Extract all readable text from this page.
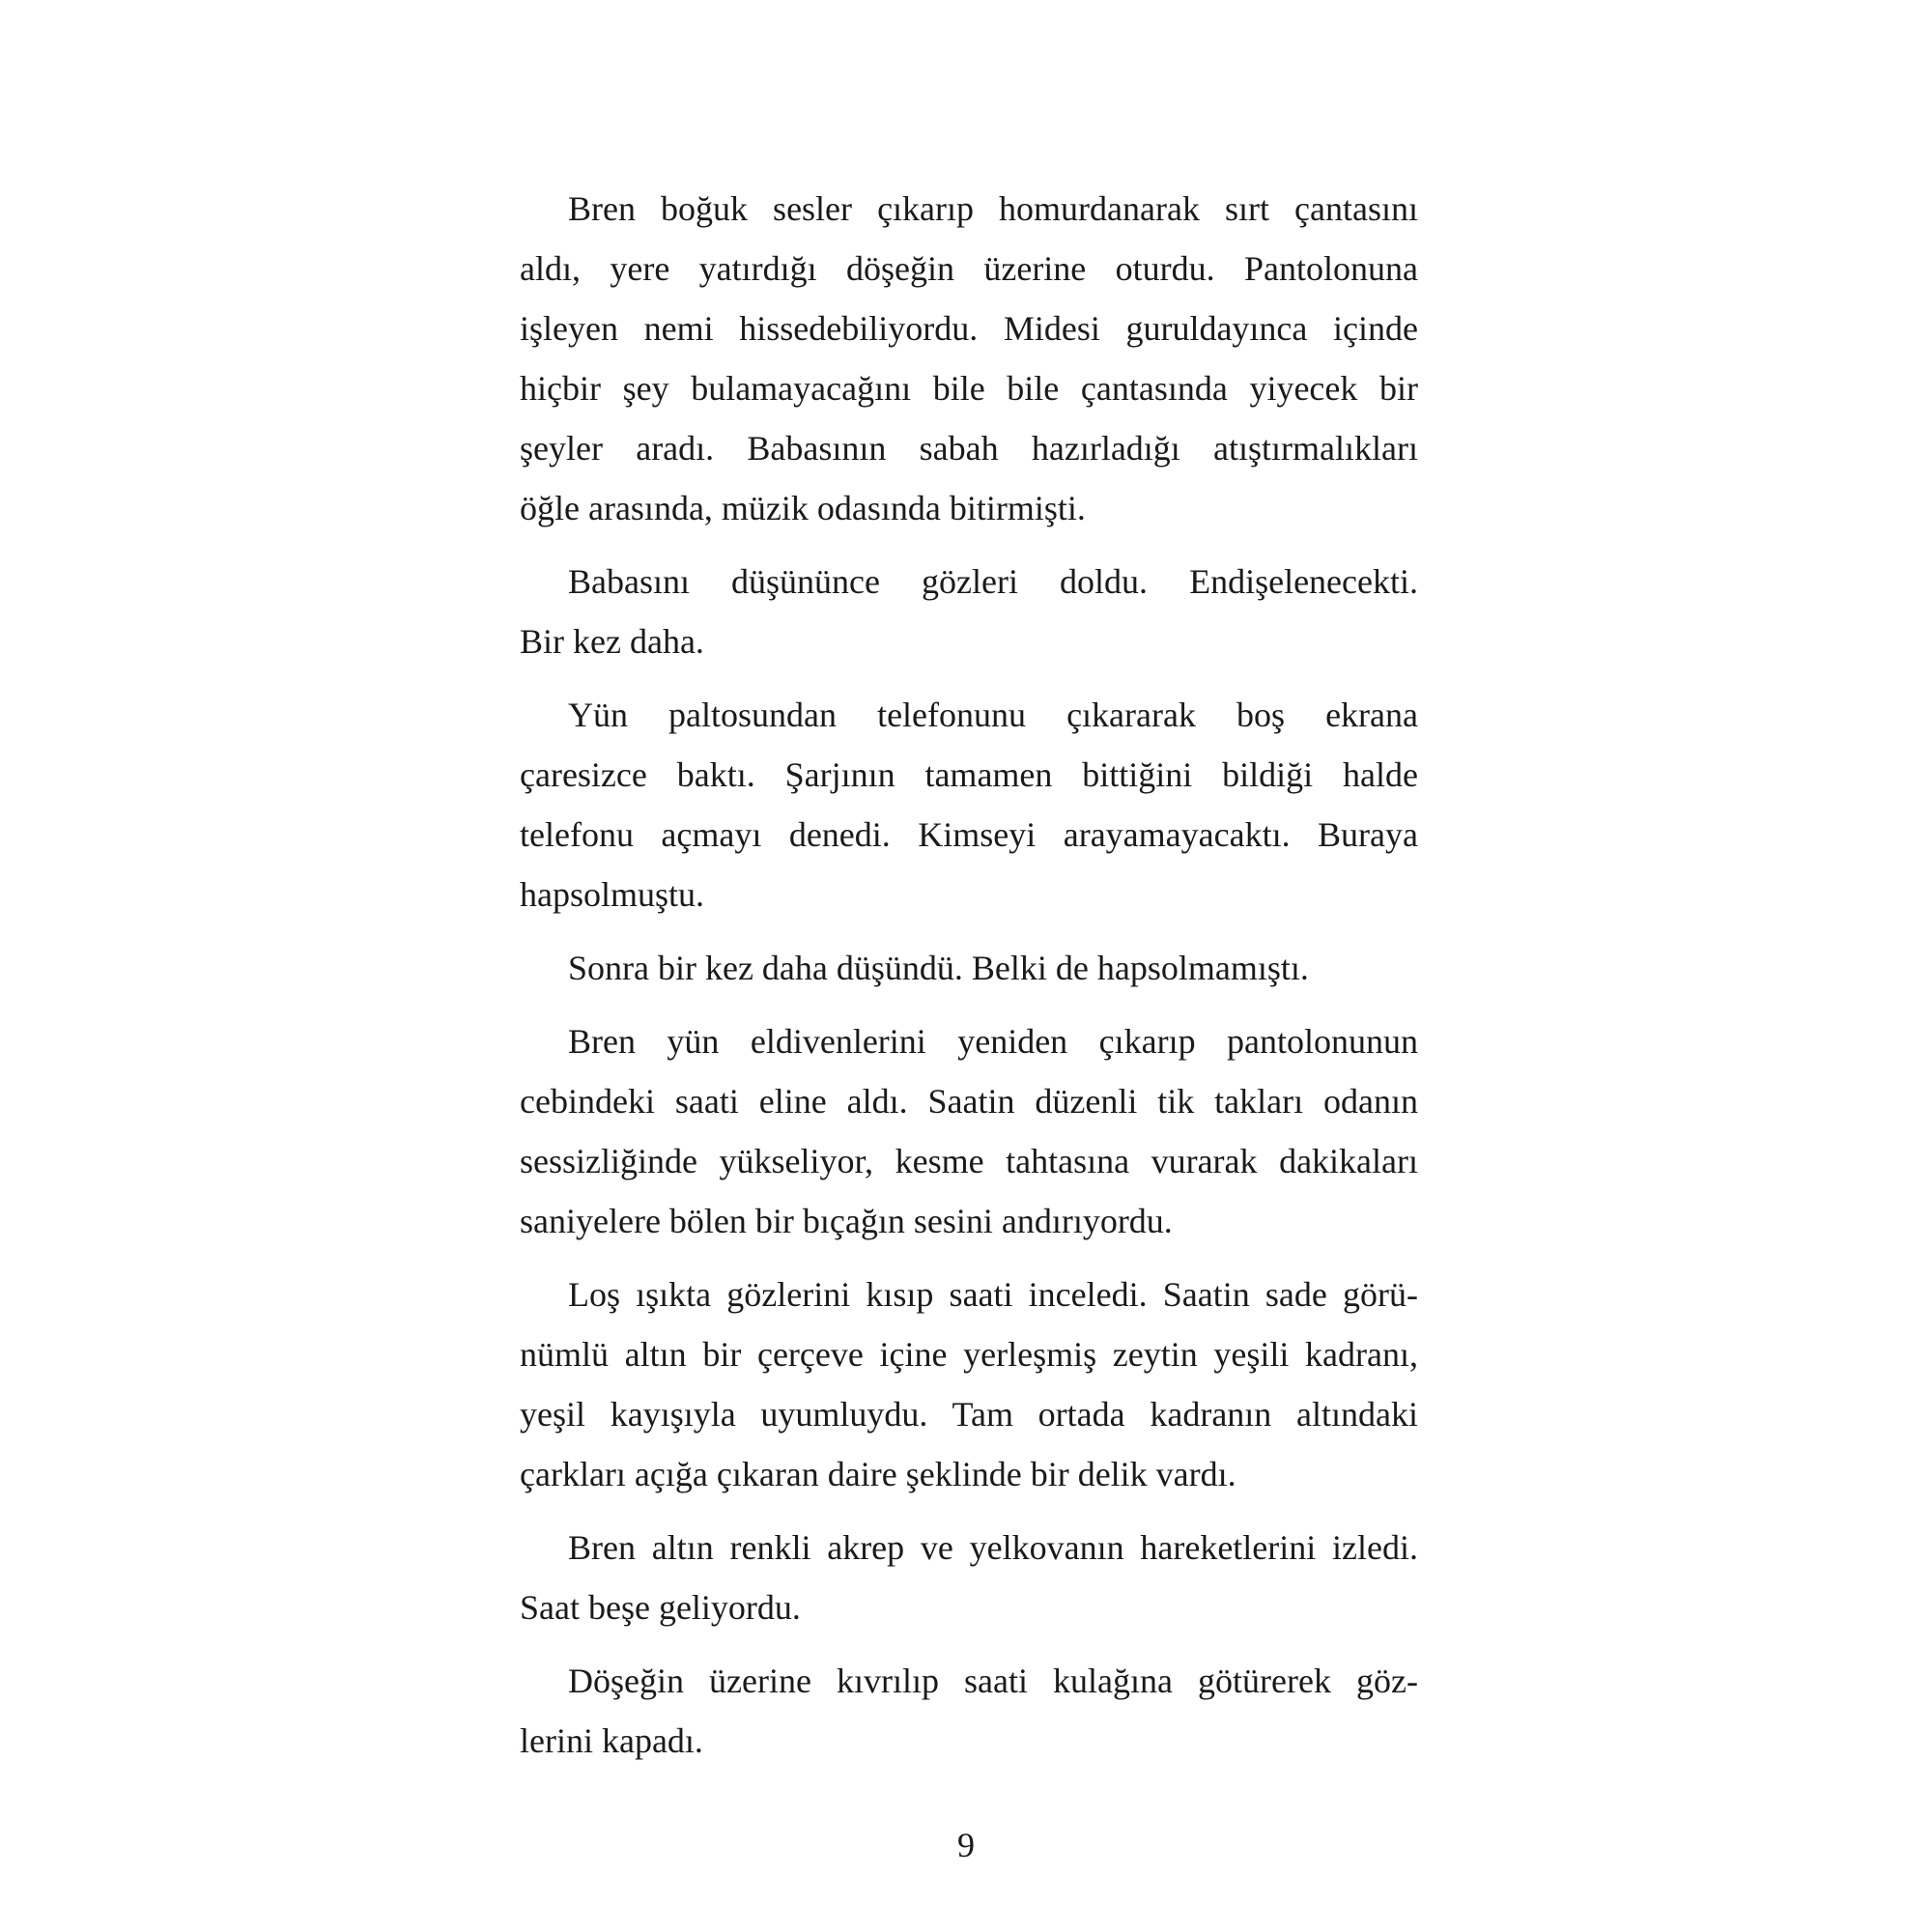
Bren boğuk sesler çıkarıp homurdanarak sırt çantasını
aldı, yere yatırdığı döşeğin üzerine oturdu. Pantolonuna
işleyen nemi hissedebiliyordu. Midesi guruldayınca içinde
hiçbir şey bulamayacağını bile bile çantasında yiyecek bir
şeyler aradı. Babasının sabah hazırladığı atıştırmalıkları
öğle arasında, müzik odasında bitirmişti.
Babasını düşününce gözleri doldu. Endişelenecekti.
Bir kez daha.
Yün paltosundan telefonunu çıkararak boş ekrana
çaresizce baktı. Şarjının tamamen bittiğini bildiği halde
telefonu açmayı denedi. Kimseyi arayamayacaktı. Buraya
hapsolmuştu.
Sonra bir kez daha düşündü. Belki de hapsolmamıştı.
Bren yün eldivenlerini yeniden çıkarıp pantolonunun
cebindeki saati eline aldı. Saatin düzenli tik takları odanın
sessizliğinde yükseliyor, kesme tahtasına vurarak dakikaları
saniyelere bölen bir bıçağın sesini andırıyordu.
Loş ışıkta gözlerini kısıp saati inceledi. Saatin sade görü-
nümlü altın bir çerçeve içine yerleşmiş zeytin yeşili kadranı,
yeşil kayışıyla uyumluydu. Tam ortada kadranın altındaki
çarkları açığa çıkaran daire şeklinde bir delik vardı.
Bren altın renkli akrep ve yelkovanın hareketlerini izledi.
Saat beşe geliyordu.
Döşeğin üzerine kıvrılıp saati kulağına götürerek göz-
lerini kapadı.
9
